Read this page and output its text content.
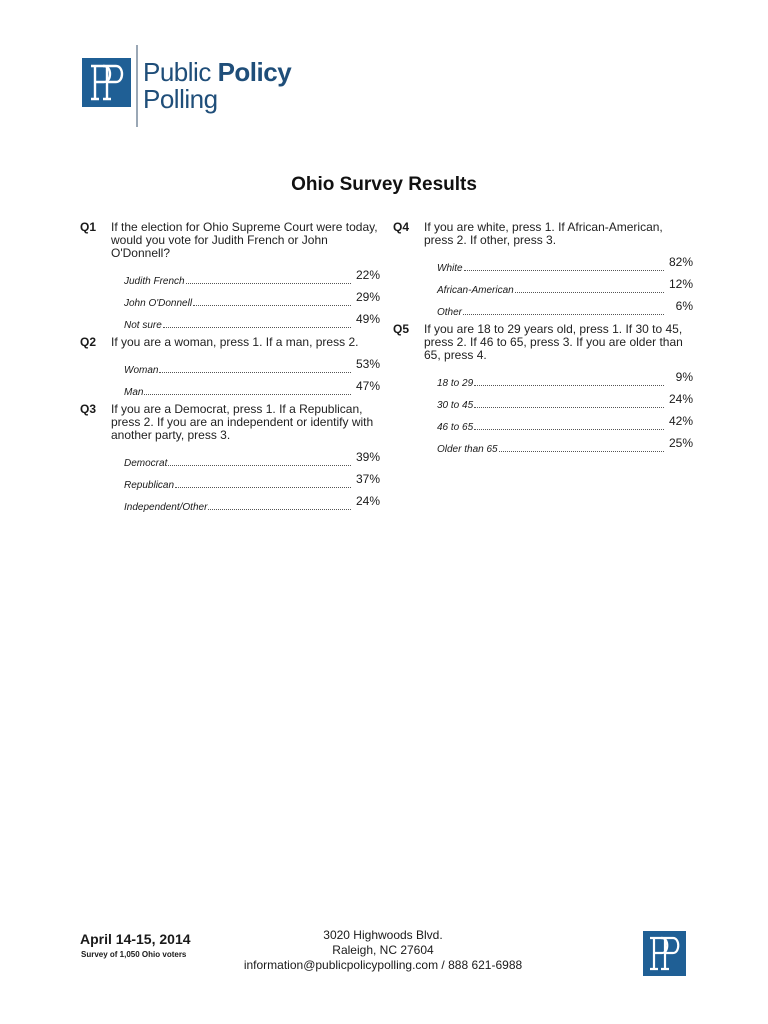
Public Policy
Polling
Ohio Survey Results
Q1 If the election for Ohio Supreme Court were today, would you vote for Judith French or John O'Donnell?
Judith French	22%
John O'Donnell	29%
Not sure	49%
Q2 If you are a woman, press 1. If a man, press 2.
Woman	53%
Man	47%
Q3 If you are a Democrat, press 1. If a Republican, press 2. If you are an independent or identify with another party, press 3.
Democrat	39%
Republican	37%
Independent/Other	24%
Q4 If you are white, press 1. If African-American, press 2. If other, press 3.
White	82%
African-American	12%
Other	6%
Q5 If you are 18 to 29 years old, press 1. If 30 to 45, press 2. If 46 to 65, press 3. If you are older than 65, press 4.
18 to 29	9%
30 to 45	24%
46 to 65	42%
Older than 65	25%
April 14-15, 2014
Survey of 1,050 Ohio voters
3020 Highwoods Blvd.
Raleigh, NC 27604
information@publicpolicypolling.com / 888 621-6988
